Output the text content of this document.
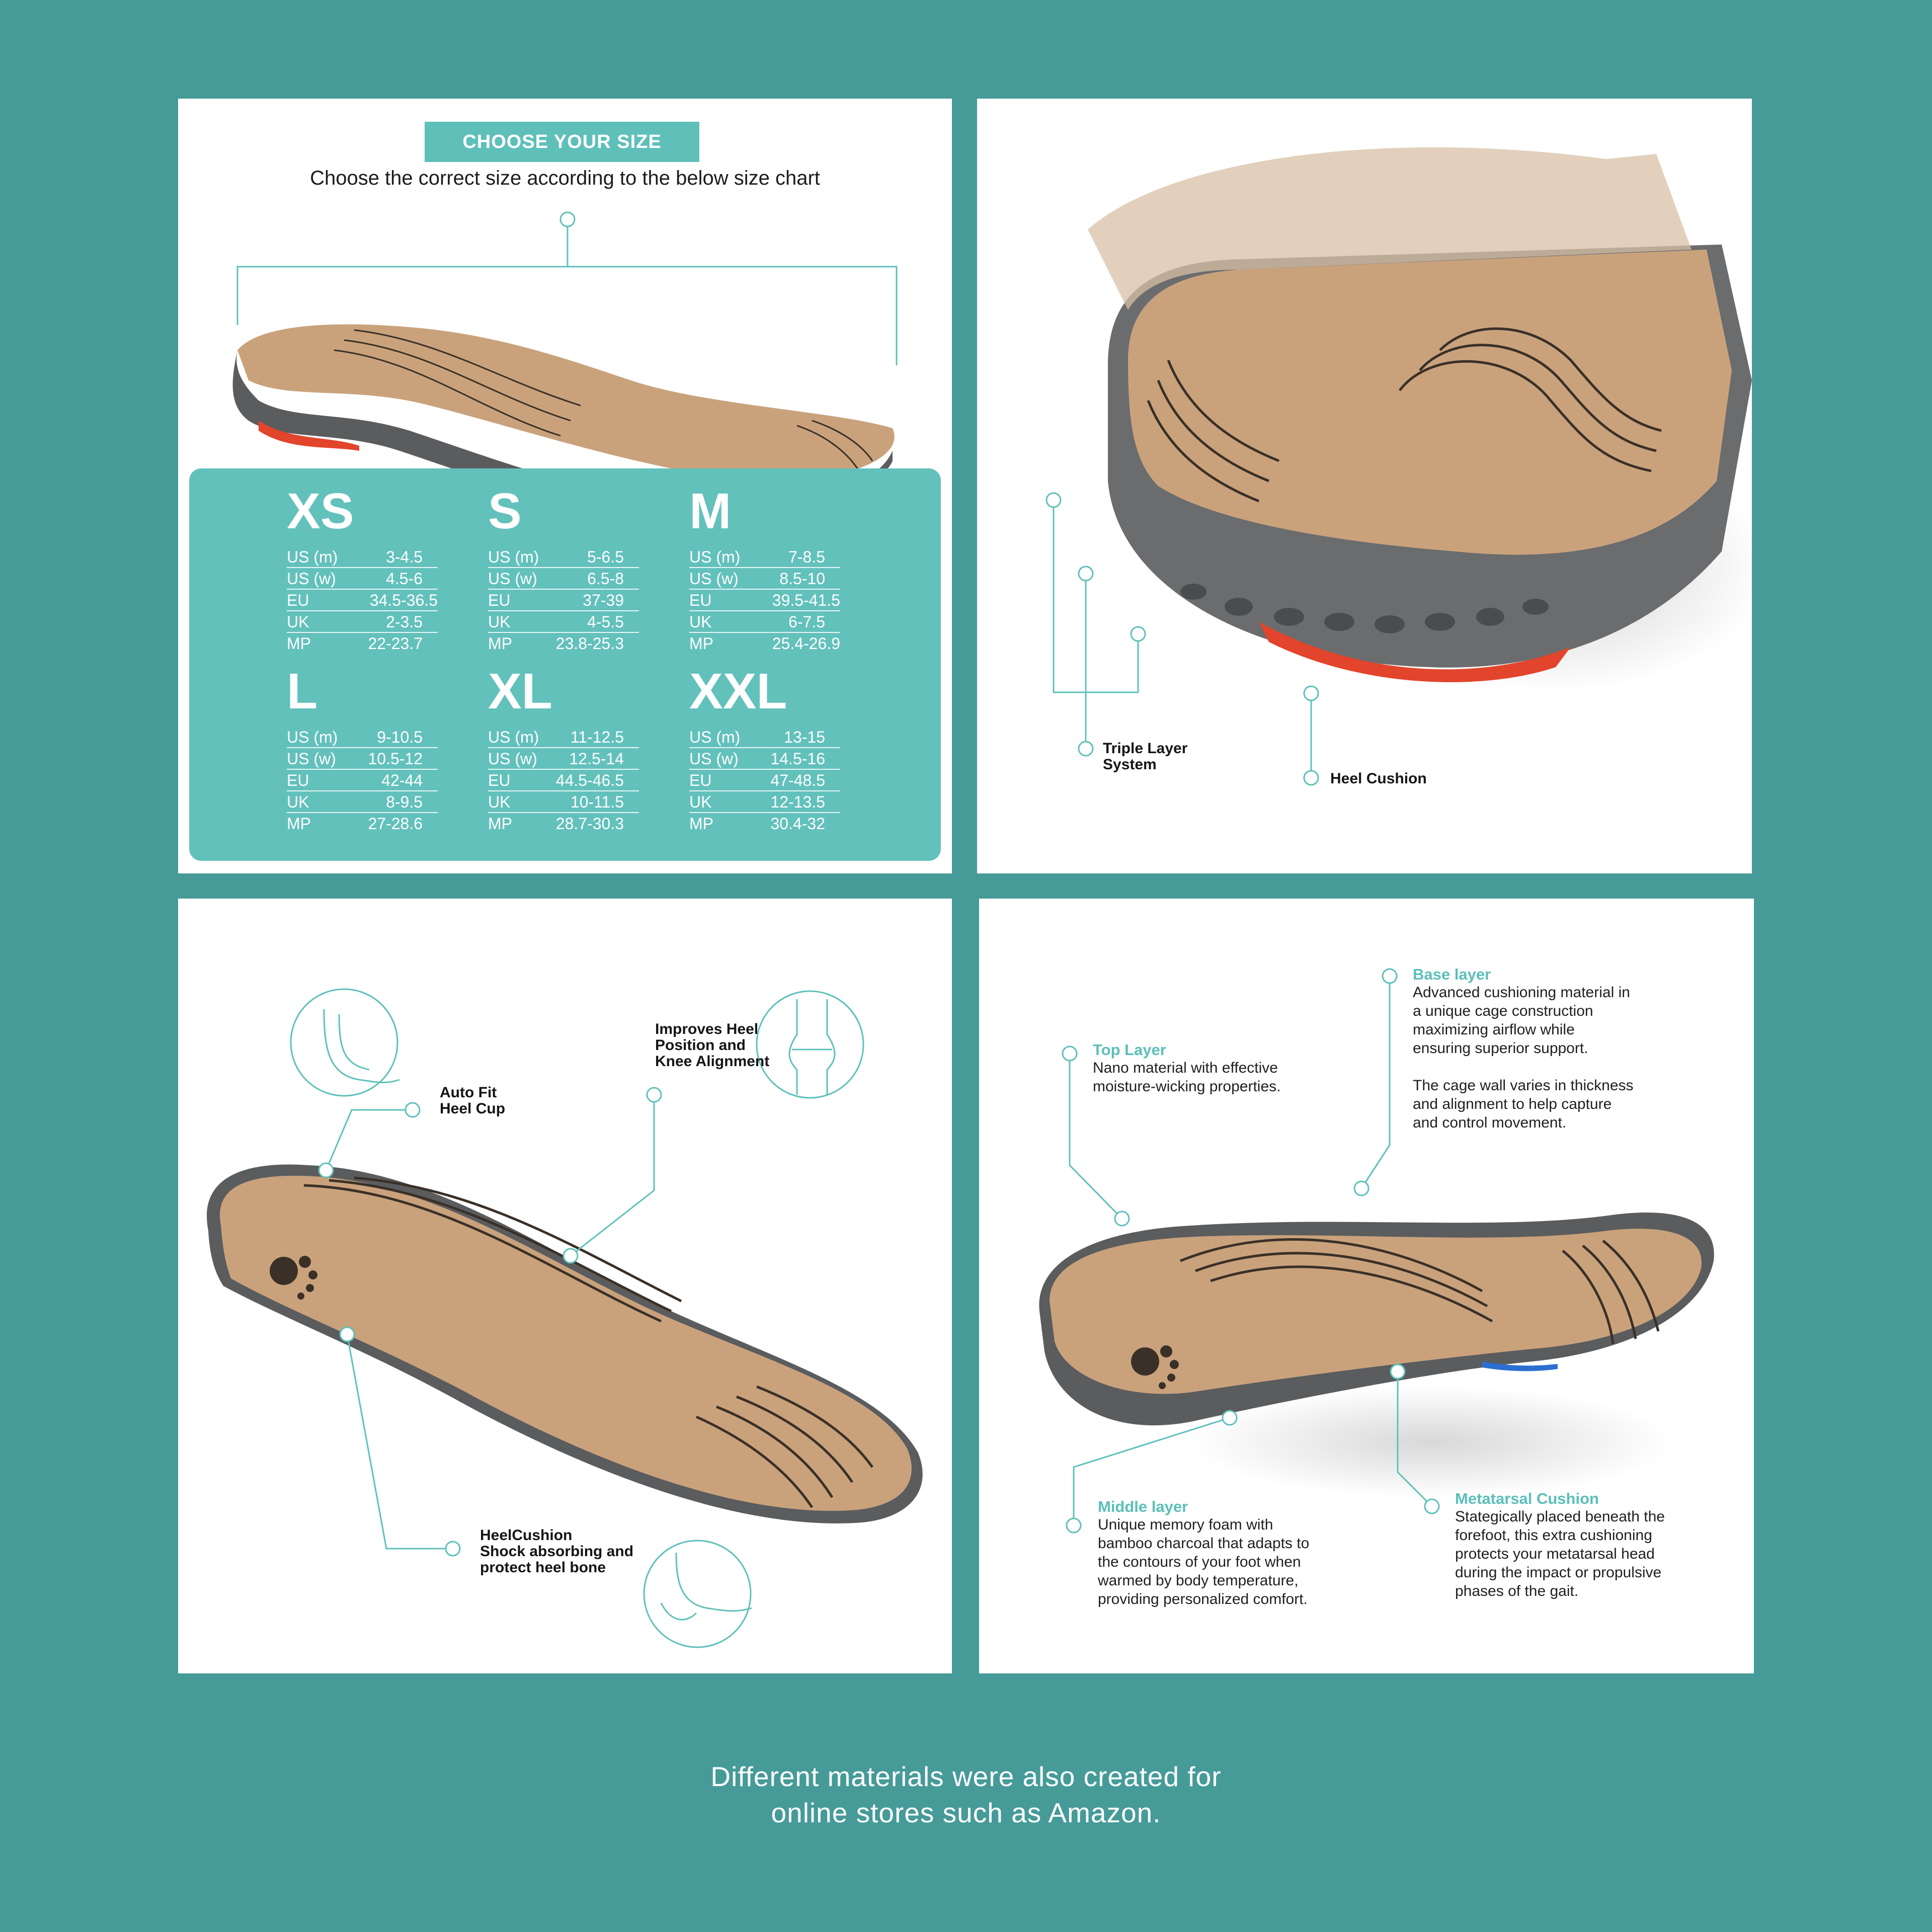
CHOOSE YOUR SIZE
Choose the correct size according to the below size chart
XS
US (m)	3-4.5
US (w)	4.5-6
EU	34.5-36.5
UK	2-3.5
MP	22-23.7
S
US (m)	5-6.5
US (w)	6.5-8
EU	37-39
UK	4-5.5
MP	23.8-25.3
M
US (m)	7-8.5
US (w)	8.5-10
EU	39.5-41.5
UK	6-7.5
MP	25.4-26.9
L
US (m) 9-10.5
US (w) 10.5-12
EU	42-44
UK	8-9.5
MP	27-28.6
XL
US (m) 11-12.5
US (w) 12.5-14
EU	44.5-46.5
UK	10-11.5
MP	28.7-30.3
XXL
US (m)	13-15
US (w) 14.5-16
EU	47-48.5
UK	12-13.5
MP	30.4-32
Triple Layer
System
Heel Cushion
Auto Fit
Heel Cup
Improves Heel
Position and
Knee Alignment
HeelCushion
Shock absorbing and
protect heel bone
Top Layer
Nano material with effective
moisture-wicking properties.
Base layer
Advanced cushioning material in
a unique cage construction
maximizing airflow while
ensuring superior support.

The cage wall varies in thickness
and alignment to help capture
and control movement.
Middle layer
Unique memory foam with
bamboo charcoal that adapts to
the contours of your foot when
warmed by body temperature,
providing personalized comfort.
Metatarsal Cushion
Stategically placed beneath the
forefoot, this extra cushioning
protects your metatarsal head
during the impact or propulsive
phases of the gait.
Different materials were also created for
online stores such as Amazon.
